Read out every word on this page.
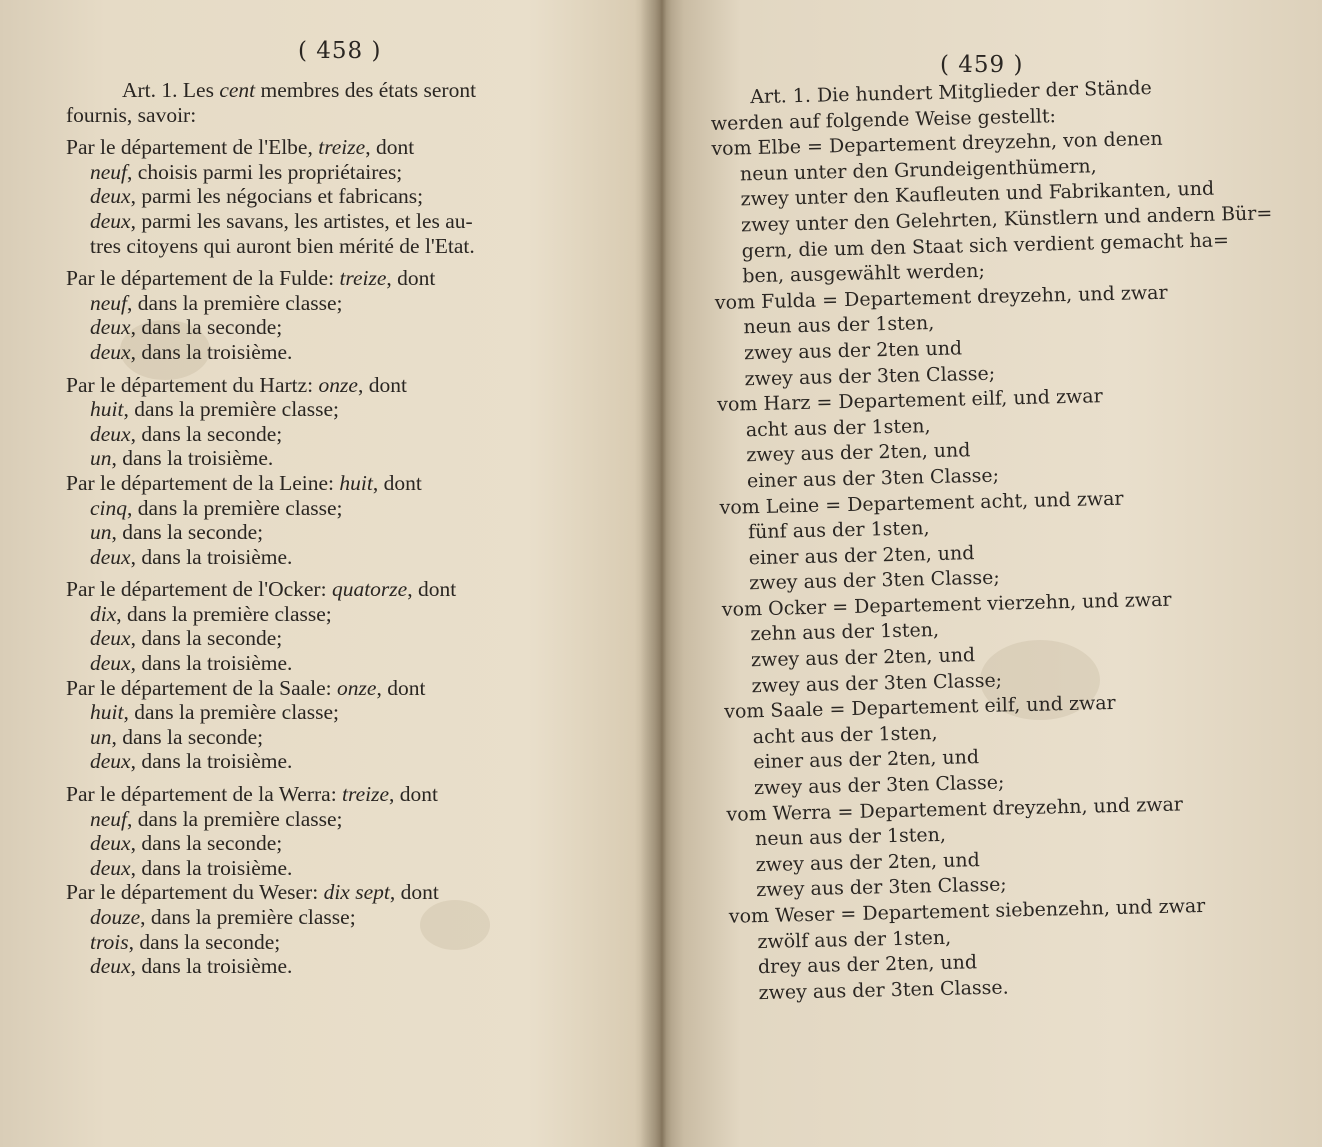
( 458 )

Art. 1. Les cent membres des états seront

fournis, savoir:

Par le département de l'Elbe, treize, dont

neuf, choisis parmi les propriétaires;

deux, parmi les négocians et fabricans;

deux, parmi les savans, les artistes, et les au-

tres citoyens qui auront bien mérité de l'Etat.

Par le département de la Fulde: treize, dont

neuf, dans la première classe;

deux, dans la seconde;

deux, dans la troisième.

Par le département du Hartz: onze, dont

huit, dans la première classe;

deux, dans la seconde;

un, dans la troisième.

Par le département de la Leine: huit, dont

cinq, dans la première classe;

un, dans la seconde;

deux, dans la troisième.

Par le département de l'Ocker: quatorze, dont

dix, dans la première classe;

deux, dans la seconde;

deux, dans la troisième.

Par le département de la Saale: onze, dont

huit, dans la première classe;

un, dans la seconde;

deux, dans la troisième.

Par le département de la Werra: treize, dont

neuf, dans la première classe;

deux, dans la seconde;

deux, dans la troisième.

Par le département du Weser: dix sept, dont

douze, dans la première classe;

trois, dans la seconde;

deux, dans la troisième.

( 459 )

Art. 1. Die hundert Mitglieder der Stände

werden auf folgende Weise gestellt:

vom Elbe = Departement dreyzehn, von denen

neun unter den Grundeigenthümern,

zwey unter den Kaufleuten und Fabrikanten, und

zwey unter den Gelehrten, Künstlern und andern Bür=

gern, die um den Staat sich verdient gemacht ha=

ben, ausgewählt werden;

vom Fulda = Departement dreyzehn, und zwar

neun aus der 1sten,

zwey aus der 2ten und

zwey aus der 3ten Classe;

vom Harz = Departement eilf, und zwar

acht aus der 1sten,

zwey aus der 2ten, und

einer aus der 3ten Classe;

vom Leine = Departement acht, und zwar

fünf aus der 1sten,

einer aus der 2ten, und

zwey aus der 3ten Classe;

vom Ocker = Departement vierzehn, und zwar

zehn aus der 1sten,

zwey aus der 2ten, und

zwey aus der 3ten Classe;

vom Saale = Departement eilf, und zwar

acht aus der 1sten,

einer aus der 2ten, und

zwey aus der 3ten Classe;

vom Werra = Departement dreyzehn, und zwar

neun aus der 1sten,

zwey aus der 2ten, und

zwey aus der 3ten Classe;

vom Weser = Departement siebenzehn, und zwar

zwölf aus der 1sten,

drey aus der 2ten, und

zwey aus der 3ten Classe.
